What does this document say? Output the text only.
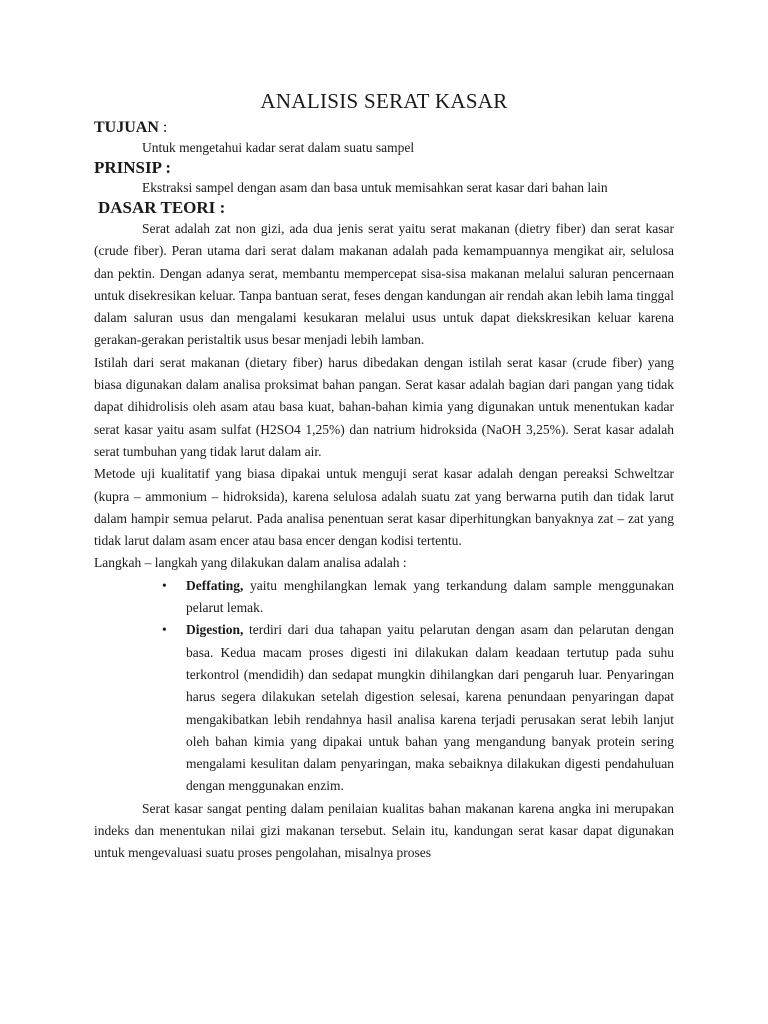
ANALISIS SERAT KASAR
TUJUAN :

Untuk mengetahui kadar serat dalam suatu sampel

PRINSIP :

Ekstraksi sampel dengan asam dan basa untuk memisahkan serat kasar dari bahan lain

DASAR TEORI :

Serat adalah zat non gizi, ada dua jenis serat yaitu serat makanan (dietry fiber) dan serat kasar (crude fiber). Peran utama dari serat dalam makanan adalah pada kemampuannya mengikat air, selulosa dan pektin. Dengan adanya serat, membantu mempercepat sisa-sisa makanan melalui saluran pencernaan untuk disekresikan keluar. Tanpa bantuan serat, feses dengan kandungan air rendah akan lebih lama tinggal dalam saluran usus dan mengalami kesukaran melalui usus untuk dapat diekskresikan keluar karena gerakan-gerakan peristaltik usus besar menjadi lebih lamban.

Istilah dari serat makanan (dietary fiber) harus dibedakan dengan istilah serat kasar (crude fiber) yang biasa digunakan dalam analisa proksimat bahan pangan. Serat kasar adalah bagian dari pangan yang tidak dapat dihidrolisis oleh asam atau basa kuat, bahan-bahan kimia yang digunakan untuk menentukan kadar serat kasar yaitu asam sulfat (H2SO4 1,25%) dan natrium hidroksida (NaOH 3,25%). Serat kasar adalah serat tumbuhan yang tidak larut dalam air.

Metode uji kualitatif yang biasa dipakai untuk menguji serat kasar adalah dengan pereaksi Schweltzar (kupra – ammonium – hidroksida), karena selulosa adalah suatu zat yang berwarna putih dan tidak larut dalam hampir semua pelarut. Pada analisa penentuan serat kasar diperhitungkan banyaknya zat – zat yang tidak larut dalam asam encer atau basa encer dengan kodisi tertentu.

Langkah – langkah yang dilakukan dalam analisa adalah :

• Deffating, yaitu menghilangkan lemak yang terkandung dalam sample menggunakan pelarut lemak.
• Digestion, terdiri dari dua tahapan yaitu pelarutan dengan asam dan pelarutan dengan basa. Kedua macam proses digesti ini dilakukan dalam keadaan tertutup pada suhu terkontrol (mendidih) dan sedapat mungkin dihilangkan dari pengaruh luar. Penyaringan harus segera dilakukan setelah digestion selesai, karena penundaan penyaringan dapat mengakibatkan lebih rendahnya hasil analisa karena terjadi perusakan serat lebih lanjut oleh bahan kimia yang dipakai untuk bahan yang mengandung banyak protein sering mengalami kesulitan dalam penyaringan, maka sebaiknya dilakukan digesti pendahuluan dengan menggunakan enzim.

Serat kasar sangat penting dalam penilaian kualitas bahan makanan karena angka ini merupakan indeks dan menentukan nilai gizi makanan tersebut. Selain itu, kandungan serat kasar dapat digunakan untuk mengevaluasi suatu proses pengolahan, misalnya proses
